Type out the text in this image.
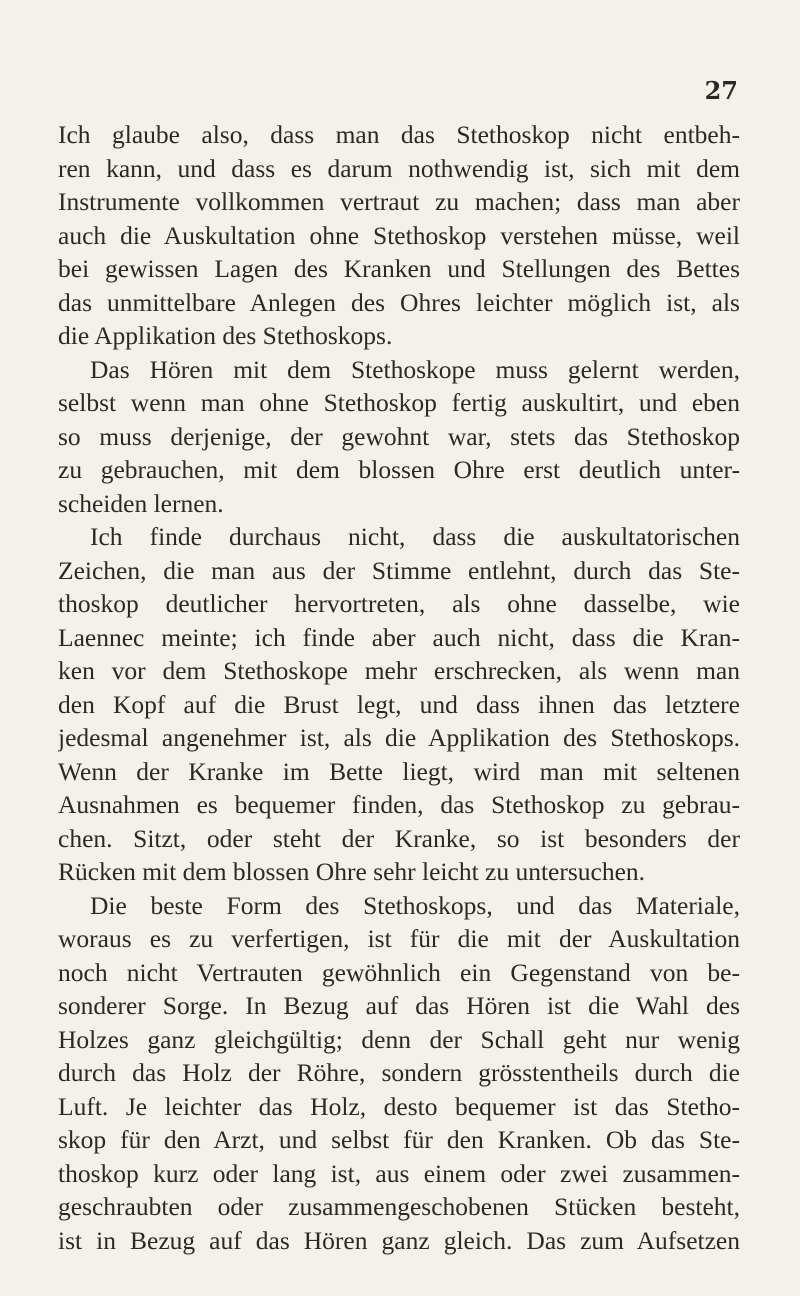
27
Ich glaube also, dass man das Stethoskop nicht entbeh-
ren kann, und dass es darum nothwendig ist, sich mit dem
Instrumente vollkommen vertraut zu machen; dass man aber
auch die Auskultation ohne Stethoskop verstehen müsse, weil
bei gewissen Lagen des Kranken und Stellungen des Bettes
das unmittelbare Anlegen des Ohres leichter möglich ist, als
die Applikation des Stethoskops.
Das Hören mit dem Stethoskope muss gelernt werden,
selbst wenn man ohne Stethoskop fertig auskultirt, und eben
so muss derjenige, der gewohnt war, stets das Stethoskop
zu gebrauchen, mit dem blossen Ohre erst deutlich unter-
scheiden lernen.
Ich finde durchaus nicht, dass die auskultatorischen
Zeichen, die man aus der Stimme entlehnt, durch das Ste-
thoskop deutlicher hervortreten, als ohne dasselbe, wie
Laennec meinte; ich finde aber auch nicht, dass die Kran-
ken vor dem Stethoskope mehr erschrecken, als wenn man
den Kopf auf die Brust legt, und dass ihnen das letztere
jedesmal angenehmer ist, als die Applikation des Stethoskops.
Wenn der Kranke im Bette liegt, wird man mit seltenen
Ausnahmen es bequemer finden, das Stethoskop zu gebrau-
chen. Sitzt, oder steht der Kranke, so ist besonders der
Rücken mit dem blossen Ohre sehr leicht zu untersuchen.
Die beste Form des Stethoskops, und das Materiale,
woraus es zu verfertigen, ist für die mit der Auskultation
noch nicht Vertrauten gewöhnlich ein Gegenstand von be-
sonderer Sorge. In Bezug auf das Hören ist die Wahl des
Holzes ganz gleichgültig; denn der Schall geht nur wenig
durch das Holz der Röhre, sondern grösstentheils durch die
Luft. Je leichter das Holz, desto bequemer ist das Stetho-
skop für den Arzt, und selbst für den Kranken. Ob das Ste-
thoskop kurz oder lang ist, aus einem oder zwei zusammen-
geschraubten oder zusammengeschobenen Stücken besteht,
ist in Bezug auf das Hören ganz gleich. Das zum Aufsetzen
